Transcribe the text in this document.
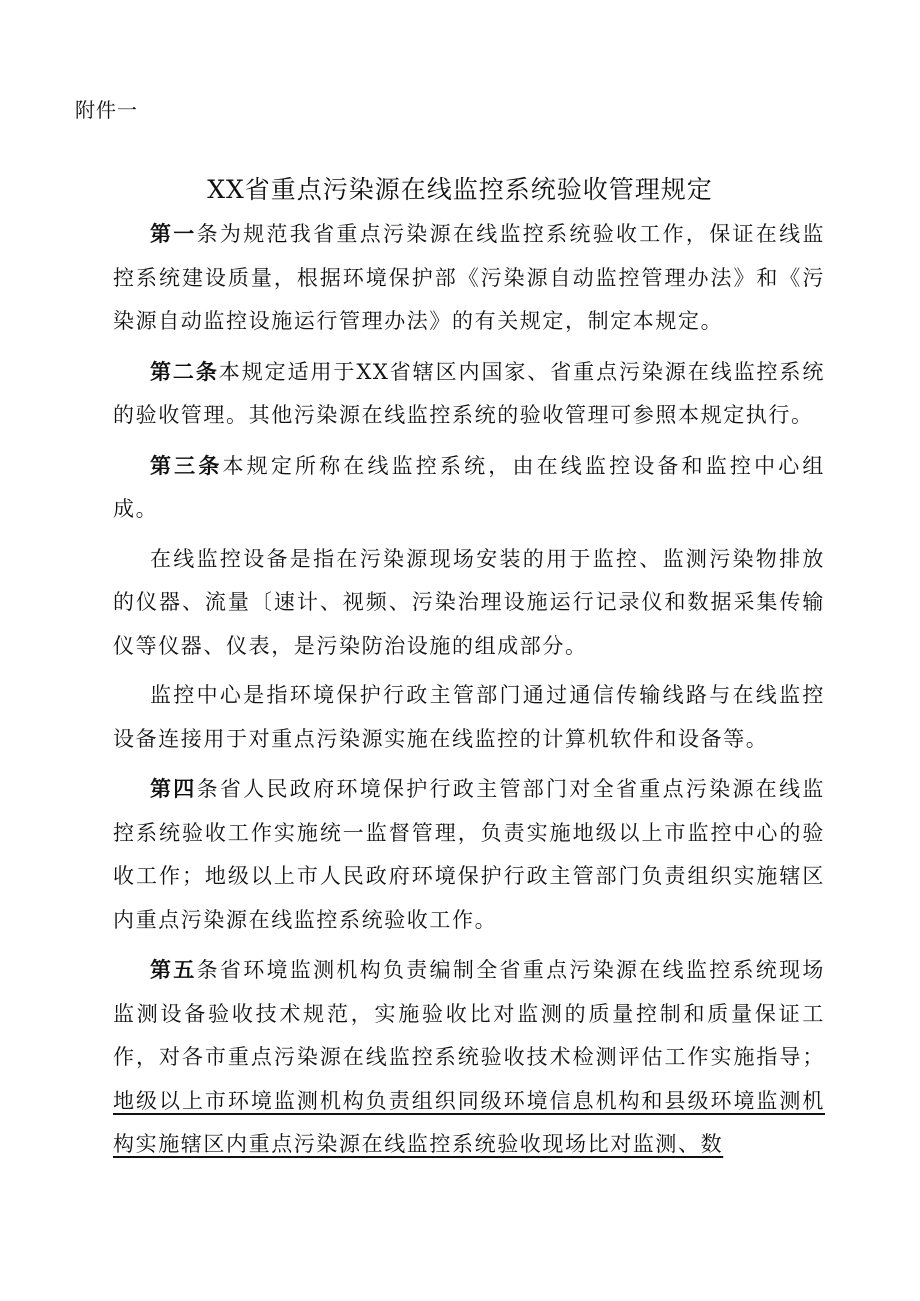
附件一
XX省重点污染源在线监控系统验收管理规定

第一条为规范我省重点污染源在线监控系统验收工作，保证在线监控系统建设质量，根据环境保护部《污染源自动监控管理办法》和《污染源自动监控设施运行管理办法》的有关规定，制定本规定。

第二条本规定适用于XX省辖区内国家、省重点污染源在线监控系统的验收管理。其他污染源在线监控系统的验收管理可参照本规定执行。

第三条本规定所称在线监控系统，由在线监控设备和监控中心组成。

在线监控设备是指在污染源现场安装的用于监控、监测污染物排放的仪器、流量〔速计、视频、污染治理设施运行记录仪和数据采集传输仪等仪器、仪表，是污染防治设施的组成部分。

监控中心是指环境保护行政主管部门通过通信传输线路与在线监控设备连接用于对重点污染源实施在线监控的计算机软件和设备等。

第四条省人民政府环境保护行政主管部门对全省重点污染源在线监控系统验收工作实施统一监督管理，负责实施地级以上市监控中心的验收工作；地级以上市人民政府环境保护行政主管部门负责组织实施辖区内重点污染源在线监控系统验收工作。

第五条省环境监测机构负责编制全省重点污染源在线监控系统现场监测设备验收技术规范，实施验收比对监测的质量控制和质量保证工作，对各市重点污染源在线监控系统验收技术检测评估工作实施指导；地级以上市环境监测机构负责组织同级环境信息机构和县级环境监测机构实施辖区内重点污染源在线监控系统验收现场比对监测、数
